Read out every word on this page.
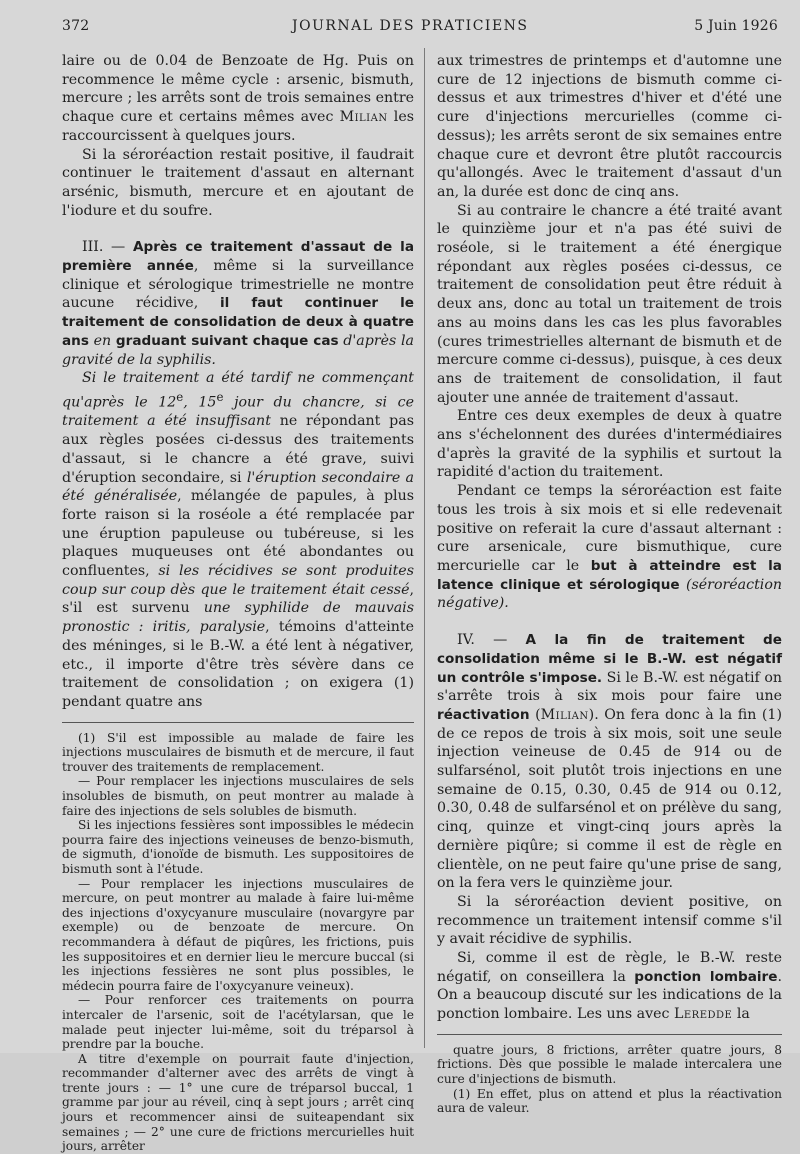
372	JOURNAL DES PRATICIENS	5 Juin 1926

laire ou de 0.04 de Benzoate de Hg. Puis on recommence le même cycle : arsenic, bismuth, mercure ; les arrêts sont de trois semaines entre chaque cure et certains mêmes avec Milian les raccourcissent à quelques jours.

Si la séroréaction restait positive, il faudrait continuer le traitement d'assaut en alternant arsénic, bismuth, mercure et en ajoutant de l'iodure et du soufre.

III. — Après ce traitement d'assaut de la première année, même si la surveillance clinique et sérologique trimestrielle ne montre aucune récidive, il faut continuer le traitement de consolidation de deux à quatre ans en graduant suivant chaque cas d'après la gravité de la syphilis.

Si le traitement a été tardif ne commençant qu'après le 12e, 15e jour du chancre, si ce traitement a été insuffisant ne répondant pas aux règles posées ci-dessus des traitements d'assaut, si le chancre a été grave, suivi d'éruption secondaire, si l'éruption secondaire a été généralisée, mélangée de papules, à plus forte raison si la roséole a été remplacée par une éruption papuleuse ou tubéreuse, si les plaques muqueuses ont été abondantes ou confluentes, si les récidives se sont produites coup sur coup dès que le traitement était cessé, s'il est survenu une syphilide de mauvais pronostic : iritis, paralysie, témoins d'atteinte des méninges, si le B.-W. a été lent à négativer, etc., il importe d'être très sévère dans ce traitement de consolidation ; on exigera (1) pendant quatre ans

(1) S'il est impossible au malade de faire les injections musculaires de bismuth et de mercure, il faut trouver des traitements de remplacement.

— Pour remplacer les injections musculaires de sels insolubles de bismuth, on peut montrer au malade à faire des injections de sels solubles de bismuth.

Si les injections fessières sont impossibles le médecin pourra faire des injections veineuses de benzo-bismuth, de sigmuth, d'ionoïde de bismuth. Les suppositoires de bismuth sont à l'étude.

— Pour remplacer les injections musculaires de mercure, on peut montrer au malade à faire lui-même des injections d'oxycyanure musculaire (novargyre par exemple) ou de benzoate de mercure. On recommandera à défaut de piqûres, les frictions, puis les suppositoires et en dernier lieu le mercure buccal (si les injections fessières ne sont plus possibles, le médecin pourra faire de l'oxycyanure veineux).

— Pour renforcer ces traitements on pourra intercaler de l'arsenic, soit de l'acétylarsan, que le malade peut injecter lui-même, soit du tréparsol à prendre par la bouche.

A titre d'exemple on pourrait faute d'injection, recommander d'alterner avec des arrêts de vingt à trente jours : — 1° une cure de tréparsol buccal, 1 gramme par jour au réveil, cinq à sept jours ; arrêt cinq jours et recommencer ainsi de suiteapendant six semaines ; — 2° une cure de frictions mercurielles huit jours, arrêter

aux trimestres de printemps et d'automne une cure de 12 injections de bismuth comme ci-dessus et aux trimestres d'hiver et d'été une cure d'injections mercurielles (comme ci-dessus); les arrêts seront de six semaines entre chaque cure et devront être plutôt raccourcis qu'allongés. Avec le traitement d'assaut d'un an, la durée est donc de cinq ans.

Si au contraire le chancre a été traité avant le quinzième jour et n'a pas été suivi de roséole, si le traitement a été énergique répondant aux règles posées ci-dessus, ce traitement de consolidation peut être réduit à deux ans, donc au total un traitement de trois ans au moins dans les cas les plus favorables (cures trimestrielles alternant de bismuth et de mercure comme ci-dessus), puisque, à ces deux ans de traitement de consolidation, il faut ajouter une année de traitement d'assaut.

Entre ces deux exemples de deux à quatre ans s'échelonnent des durées d'intermédiaires d'après la gravité de la syphilis et surtout la rapidité d'action du traitement.

Pendant ce temps la séroréaction est faite tous les trois à six mois et si elle redevenait positive on referait la cure d'assaut alternant : cure arsenicale, cure bismuthique, cure mercurielle car le but à atteindre est la latence clinique et sérologique (séroréaction négative).

IV. — A la fin de traitement de consolidation même si le B.-W. est négatif un contrôle s'impose. Si le B.-W. est négatif on s'arrête trois à six mois pour faire une réactivation (Milian). On fera donc à la fin (1) de ce repos de trois à six mois, soit une seule injection veineuse de 0.45 de 914 ou de sulfarsénol, soit plutôt trois injections en une semaine de 0.15, 0.30, 0.45 de 914 ou 0.12, 0.30, 0.48 de sulfarsénol et on prélève du sang, cinq, quinze et vingt-cinq jours après la dernière piqûre; si comme il est de règle en clientèle, on ne peut faire qu'une prise de sang, on la fera vers le quinzième jour.

Si la séroréaction devient positive, on recommence un traitement intensif comme s'il y avait récidive de syphilis.

Si, comme il est de règle, le B.-W. reste négatif, on conseillera la ponction lombaire. On a beaucoup discuté sur les indications de la ponction lombaire. Les uns avec Leredde la

quatre jours, 8 frictions, arrêter quatre jours, 8 frictions. Dès que possible le malade intercalera une cure d'injections de bismuth.

(1) En effet, plus on attend et plus la réactivation aura de valeur.
